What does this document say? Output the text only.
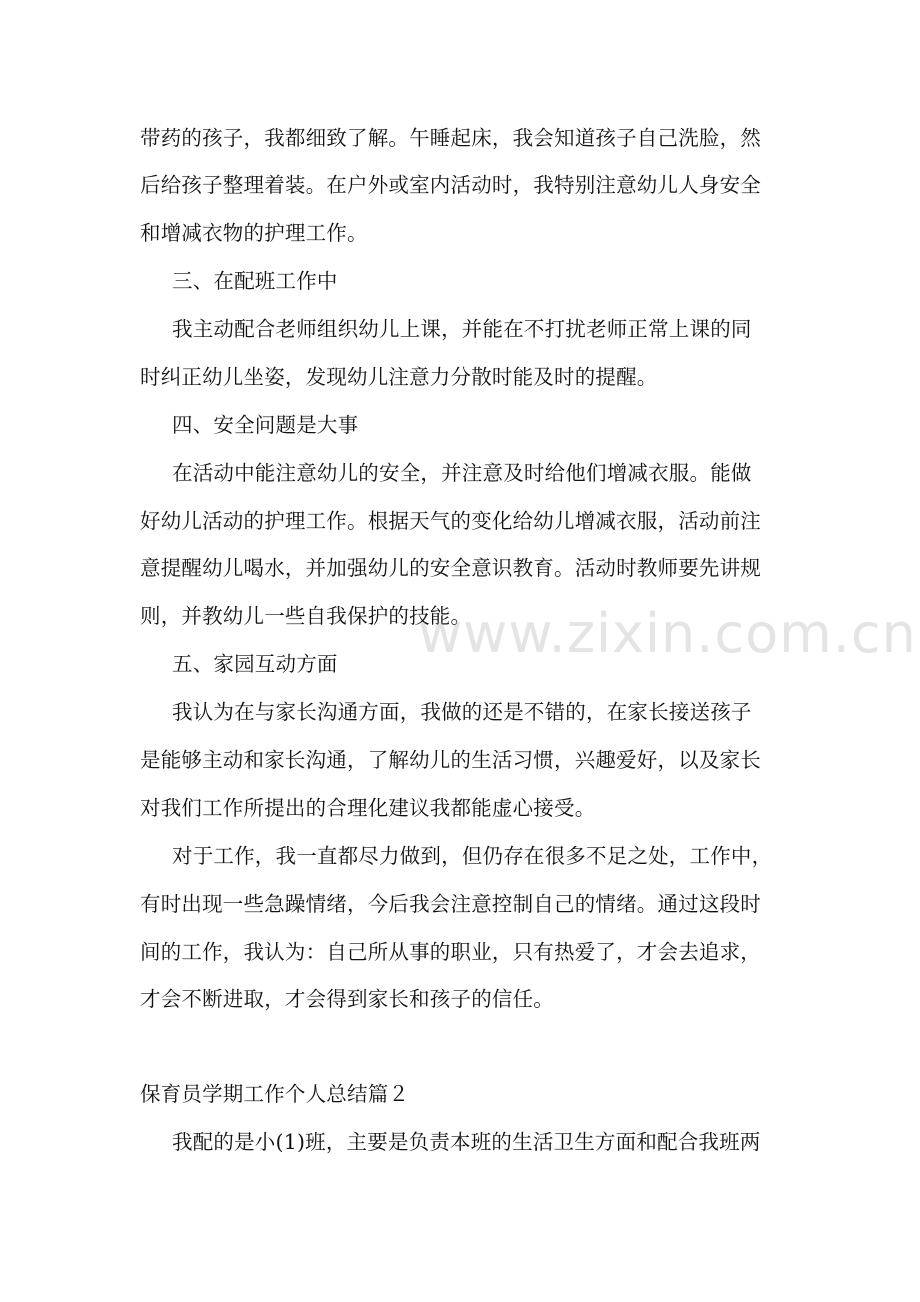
带药的孩子，我都细致了解。午睡起床，我会知道孩子自己洗脸，然
后给孩子整理着装。在户外或室内活动时，我特别注意幼儿人身安全
和增减衣物的护理工作。
三、在配班工作中
我主动配合老师组织幼儿上课，并能在不打扰老师正常上课的同
时纠正幼儿坐姿，发现幼儿注意力分散时能及时的提醒。
四、安全问题是大事
在活动中能注意幼儿的安全，并注意及时给他们增减衣服。能做
好幼儿活动的护理工作。根据天气的变化给幼儿增减衣服，活动前注
意提醒幼儿喝水，并加强幼儿的安全意识教育。活动时教师要先讲规
则，并教幼儿一些自我保护的技能。
五、家园互动方面
我认为在与家长沟通方面，我做的还是不错的，在家长接送孩子
是能够主动和家长沟通，了解幼儿的生活习惯，兴趣爱好，以及家长
对我们工作所提出的合理化建议我都能虚心接受。
对于工作，我一直都尽力做到，但仍存在很多不足之处，工作中，
有时出现一些急躁情绪，今后我会注意控制自己的情绪。通过这段时
间的工作，我认为：自己所从事的职业，只有热爱了，才会去追求，
才会不断进取，才会得到家长和孩子的信任。
保育员学期工作个人总结篇２
我配的是小(1)班，主要是负责本班的生活卫生方面和配合我班两
www.zixin.com.cn
